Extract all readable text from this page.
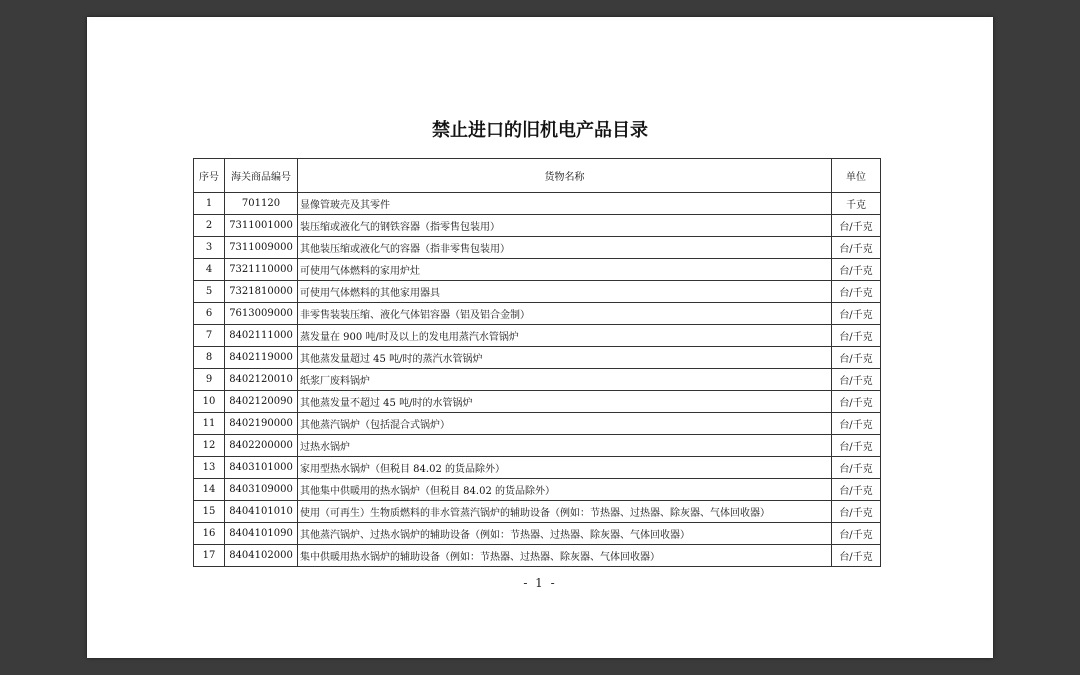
禁止进口的旧机电产品目录
序号	海关商品编号	货物名称	单位
1	701120	显像管玻壳及其零件	千克
2	7311001000	装压缩或液化气的钢铁容器（指零售包装用）	台/千克
3	7311009000	其他装压缩或液化气的容器（指非零售包装用）	台/千克
4	7321110000	可使用气体燃料的家用炉灶	台/千克
5	7321810000	可使用气体燃料的其他家用器具	台/千克
6	7613009000	非零售装装压缩、液化气体铝容器（铝及铝合金制）	台/千克
7	8402111000	蒸发量在 900 吨/时及以上的发电用蒸汽水管锅炉	台/千克
8	8402119000	其他蒸发量超过 45 吨/时的蒸汽水管锅炉	台/千克
9	8402120010	纸浆厂废料锅炉	台/千克
10	8402120090	其他蒸发量不超过 45 吨/时的水管锅炉	台/千克
11	8402190000	其他蒸汽锅炉（包括混合式锅炉）	台/千克
12	8402200000	过热水锅炉	台/千克
13	8403101000	家用型热水锅炉（但税目 84.02 的货品除外）	台/千克
14	8403109000	其他集中供暖用的热水锅炉（但税目 84.02 的货品除外）	台/千克
15	8404101010	使用（可再生）生物质燃料的非水管蒸汽锅炉的辅助设备（例如：节热器、过热器、除灰器、气体回收器）	台/千克
16	8404101090	其他蒸汽锅炉、过热水锅炉的辅助设备（例如：节热器、过热器、除灰器、气体回收器）	台/千克
17	8404102000	集中供暖用热水锅炉的辅助设备（例如：节热器、过热器、除灰器、气体回收器）	台/千克
- 1 -
